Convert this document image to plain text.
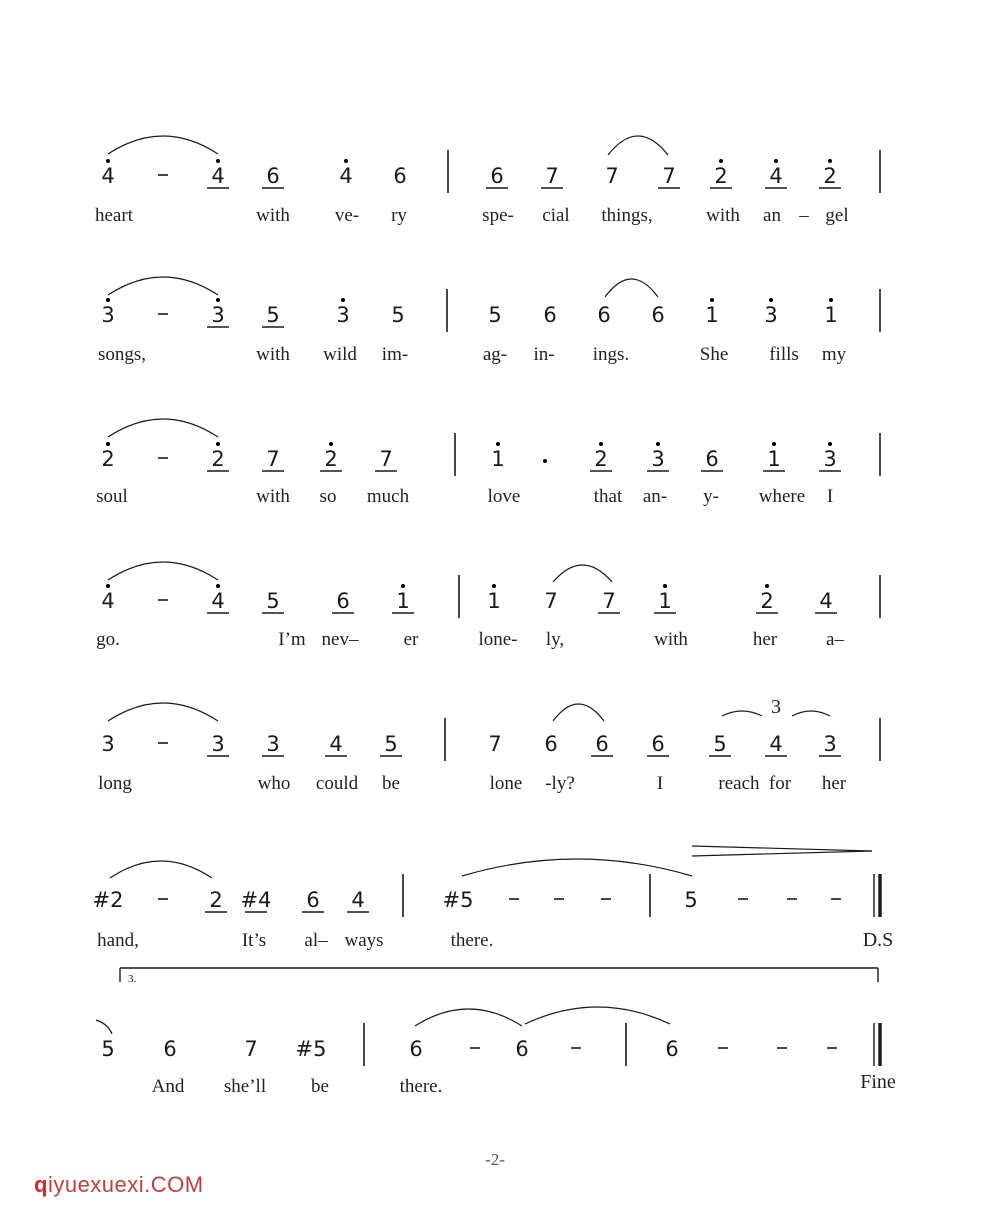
4	4 6	4 6	6 7 7 7 2 4 2
heart	with ve- ry	spe- cial things,	with an – gel
3	3 5	3 5	5 6 6 6 1 3 1
songs,	with wild im-	ag- in- ings.	She fills my
2	2 7 2 7	1	2 3 6 1 3
soul	with so much	love	that an- y- where I
4	4 5	6 1	1 7 7 1	2 4
go.	I’m nev– er	lone- ly,	with	her	a–
3	3 3 4 5	7 6 6 6 5 4 3
long	who could be	lone -ly?	I	reach for her
3
#2	2 #4 6 4	#5	5
hand,	It’s al– ways	there.	D.S
5 6	7 #5	6	6	6
And she’ll be	there.	Fine
3.
-2-
qiyuexuexi.COM
